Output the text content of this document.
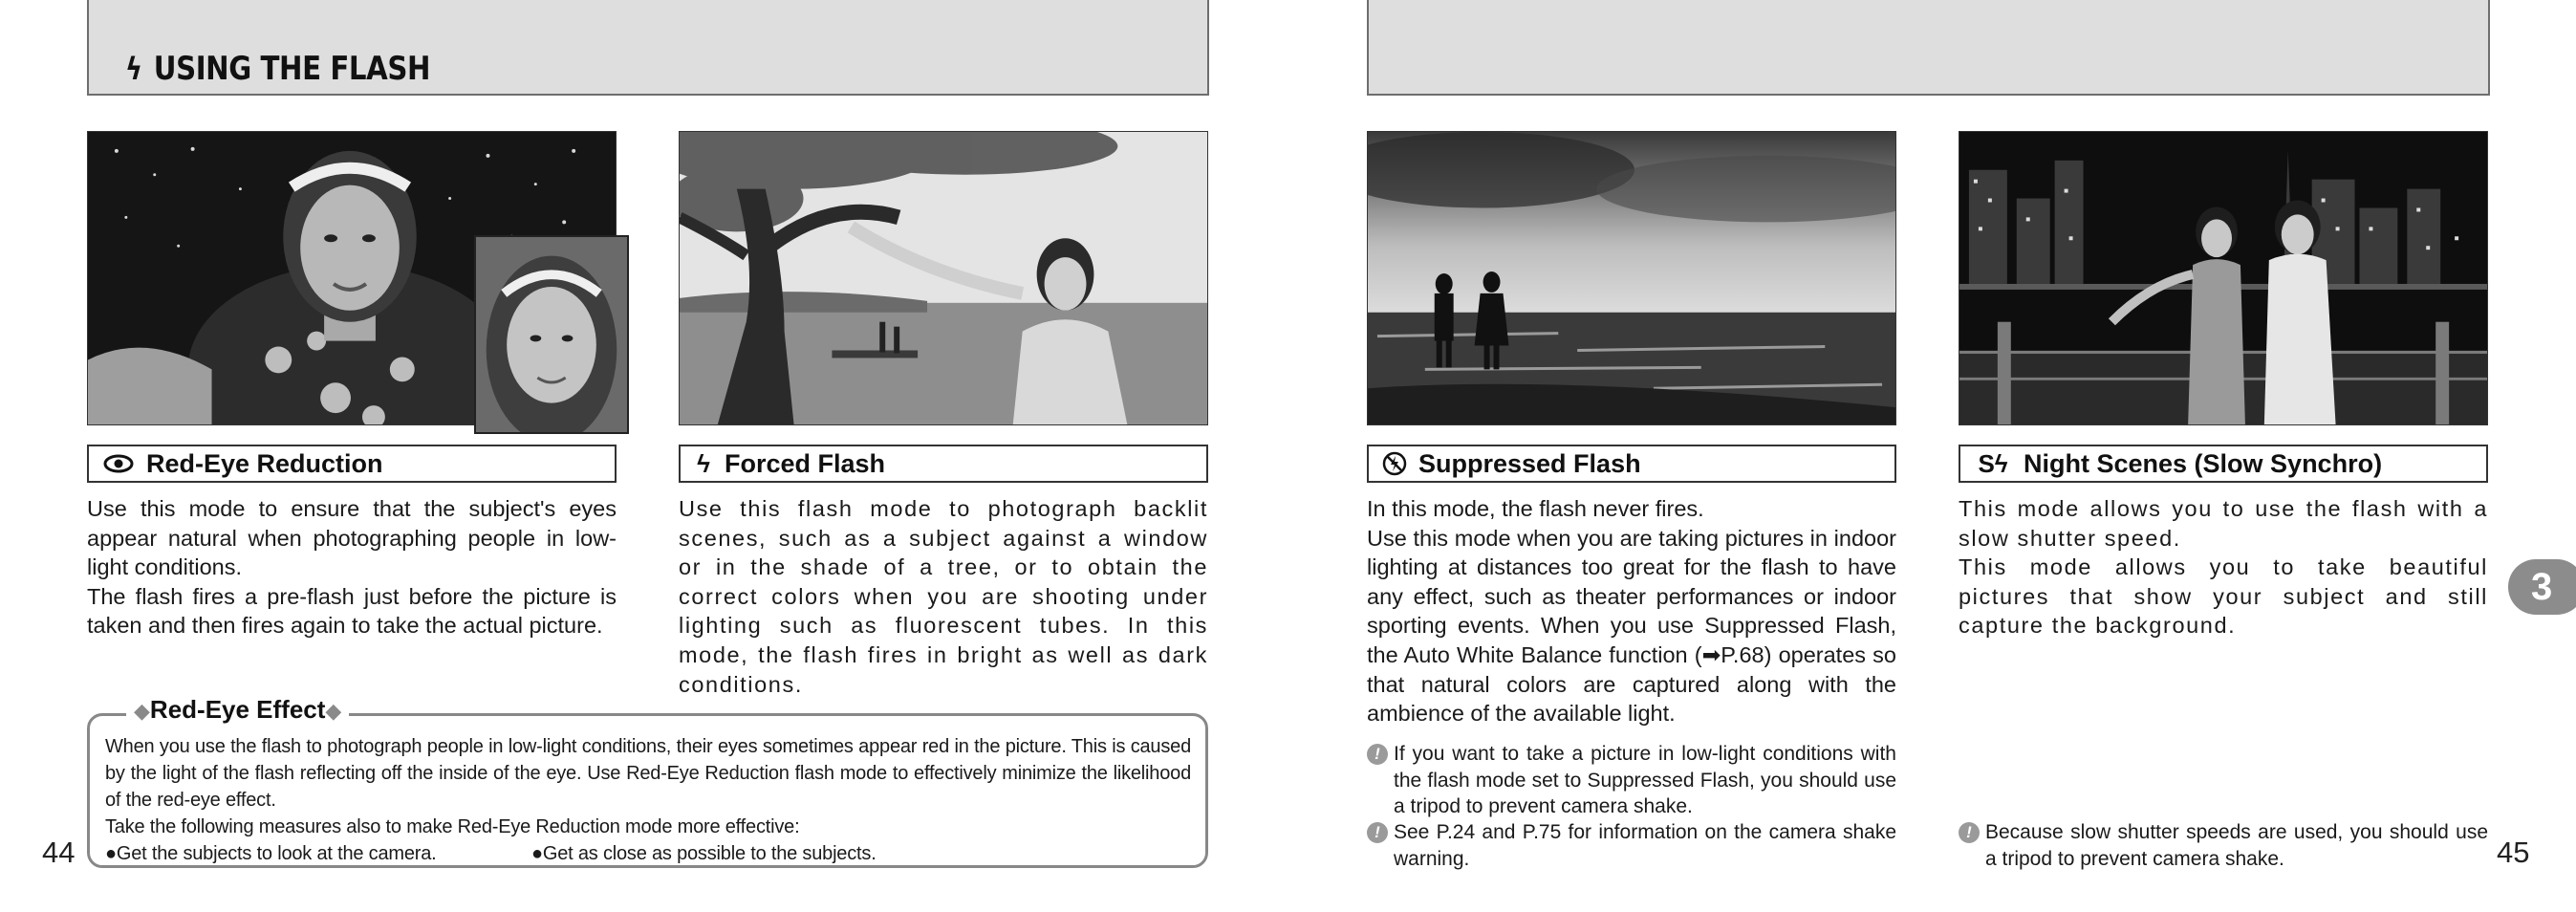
ϟ USING THE FLASH
Red-Eye Reduction	ϟ Forced Flash	Suppressed Flash	Sϟ Night Scenes (Slow Synchro)

Use this mode to ensure that the subject's eyes appear natural when photographing people in low-light conditions.

The flash fires a pre-flash just before the picture is taken and then fires again to take the actual picture.

Use this flash mode to photograph backlit scenes, such as a subject against a window or in the shade of a tree, or to obtain the correct colors when you are shooting under lighting such as fluorescent tubes. In this mode, the flash fires in bright as well as dark conditions.

In this mode, the flash never fires.

Use this mode when you are taking pictures in indoor lighting at distances too great for the flash to have any effect, such as theater performances or indoor sporting events. When you use Suppressed Flash, the Auto White Balance function (➡P.68) operates so that natural colors are captured along with the ambience of the available light.

This mode allows you to use the flash with a slow shutter speed.

This mode allows you to take beautiful pictures that show your subject and still capture the background.

◆Red-Eye Effect◆

When you use the flash to photograph people in low-light conditions, their eyes sometimes appear red in the picture. This is caused by the light of the flash reflecting off the inside of the eye. Use Red-Eye Reduction flash mode to effectively minimize the likelihood of the red-eye effect.

Take the following measures also to make Red-Eye Reduction mode more effective:

●Get the subjects to look at the camera.	●Get as close as possible to the subjects.
! If you want to take a picture in low-light conditions with the flash mode set to Suppressed Flash, you should use a tripod to prevent camera shake.
! See P.24 and P.75 for information on the camera shake warning.
! Because slow shutter speeds are used, you should use a tripod to prevent camera shake.
44	45
3
